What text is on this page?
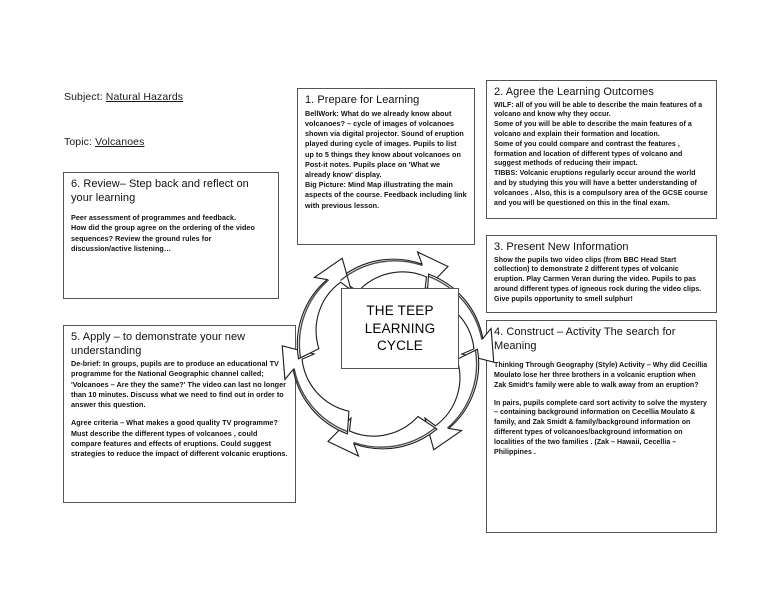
Subject: Natural Hazards
Topic: Volcanoes
6. Review– Step back and reflect on your learning

Peer assessment of programmes and feedback.

How did the group agree on the ordering of the video sequences? Review the ground rules for discussion/active listening…

5. Apply – to demonstrate your new understanding

De-brief: In groups, pupils are to produce an educational TV programme for the National Geographic channel called; 'Volcanoes – Are they the same?' The video can last no longer than 10 minutes. Discuss what we need to find out in order to answer this question.

Agree criteria – What makes a good quality TV programme? Must describe the different types of volcanoes , could compare features and effects of eruptions. Could suggest strategies to reduce the impact of different volcanic eruptions.

1. Prepare for Learning

BellWork: What do we already know about volcanoes? – cycle of images of volcanoes shown via digital projector. Sound of eruption played during cycle of images. Pupils to list up to 5 things they know about volcanoes on Post-it notes. Pupils place on 'What we already know' display.

Big Picture: Mind Map illustrating the main aspects of the course. Feedback including link with previous lesson.

2. Agree the Learning Outcomes

WILF: all of you will be able to describe the main features of a volcano and know why they occur.

Some of you will be able to describe the main features of a volcano and explain their formation and location.

Some of you could compare and contrast the features , formation and location of different types of volcano and suggest methods of reducing their impact.

TIBBS: Volcanic eruptions regularly occur around the world and by studying this you will have a better understanding of volcanoes . Also, this is a compulsory area of the GCSE course and you will be questioned on this in the final exam.

3. Present New Information

Show the pupils two video clips (from BBC Head Start collection) to demonstrate 2 different types of volcanic eruption. Play Carmen Veran during the video. Pupils to pas around different types of igneous rock during the video clips. Give pupils opportunity to smell sulphur!

4. Construct – Activity The search for Meaning

Thinking Through Geography (Style) Activity – Why did Cecillia Moulato lose her three brothers in a volcanic eruption when Zak Smidt's family were able to walk away from an eruption?

In pairs, pupils complete card sort activity to solve the mystery – containing background information on Cecellia Moulato & family, and Zak Smidt & family/background information on different types of volcanoes/background information on localities of the two families . (Zak – Hawaii, Cecellia – Philippines .

THE TEEP
LEARNING
CYCLE
